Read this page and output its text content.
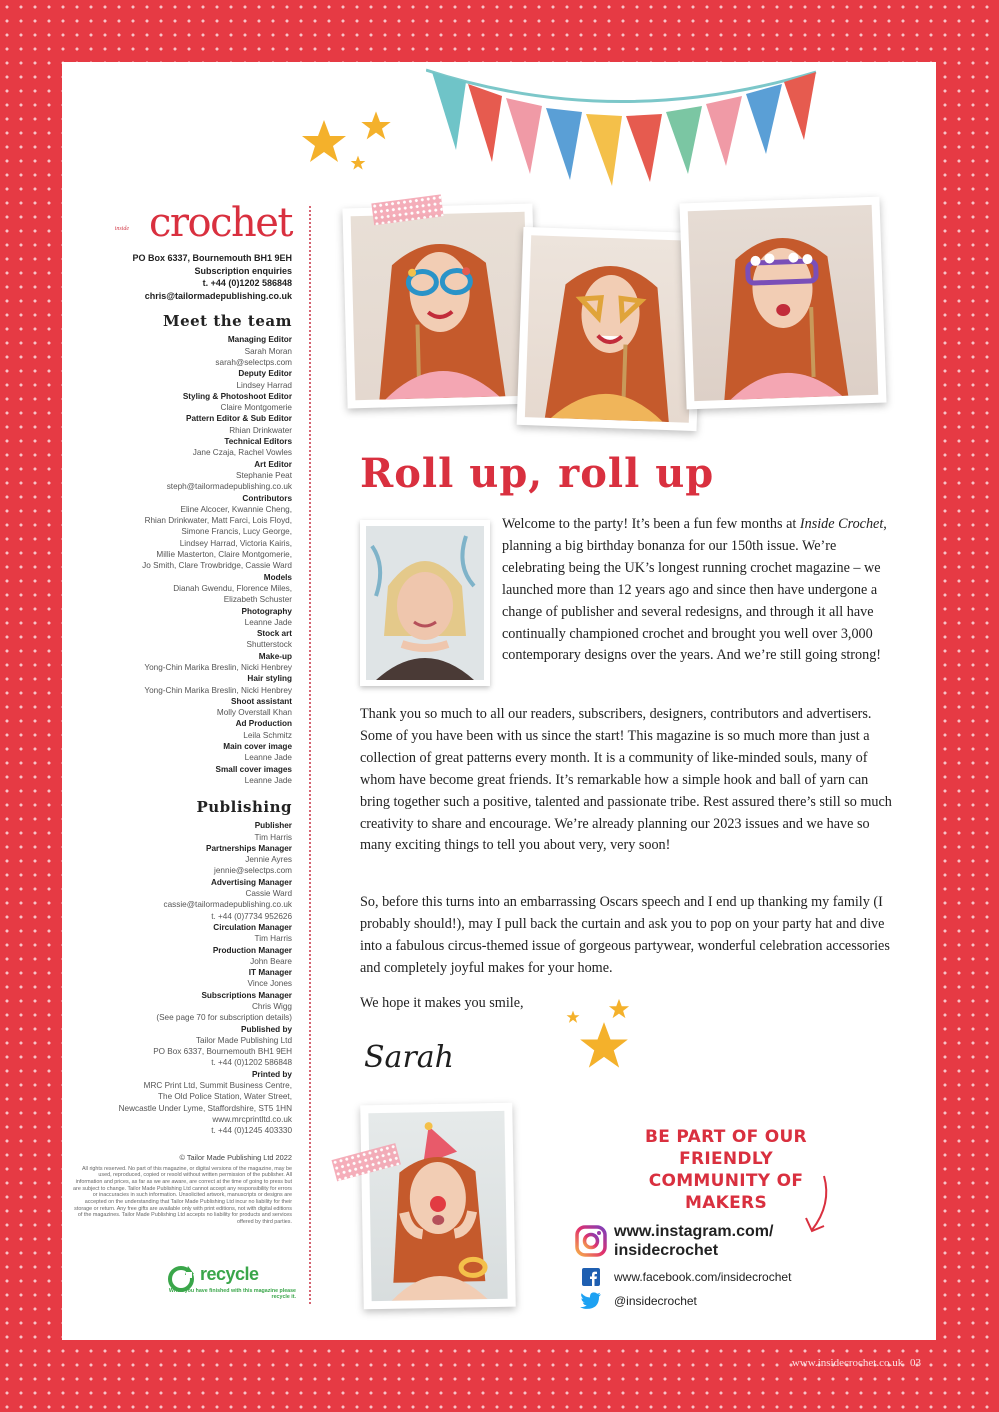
inside crochet
PO Box 6337, Bournemouth BH1 9EH
Subscription enquiries
t. +44 (0)1202 586848
chris@tailormadepublishing.co.uk
Meet the team
Managing Editor
Sarah Moran
sarah@selectps.com
Deputy Editor
Lindsey Harrad
Styling & Photoshoot Editor
Claire Montgomerie
Pattern Editor & Sub Editor
Rhian Drinkwater
Technical Editors
Jane Czaja, Rachel Vowles
Art Editor
Stephanie Peat
steph@tailormadepublishing.co.uk
Contributors
Eline Alcocer, Kwannie Cheng,
Rhian Drinkwater, Matt Farci, Lois Floyd,
Simone Francis, Lucy George,
Lindsey Harrad, Victoria Kairis,
Millie Masterton, Claire Montgomerie,
Jo Smith, Clare Trowbridge, Cassie Ward
Models
Dianah Gwendu, Florence Miles,
Elizabeth Schuster
Photography
Leanne Jade
Stock art
Shutterstock
Make-up
Yong-Chin Marika Breslin, Nicki Henbrey
Hair styling
Yong-Chin Marika Breslin, Nicki Henbrey
Shoot assistant
Molly Overstall Khan
Ad Production
Leila Schmitz
Main cover image
Leanne Jade
Small cover images
Leanne Jade
Publishing
Publisher
Tim Harris
Partnerships Manager
Jennie Ayres
jennie@selectps.com
Advertising Manager
Cassie Ward
cassie@tailormadepublishing.co.uk
t. +44 (0)7734 952626
Circulation Manager
Tim Harris
Production Manager
John Beare
IT Manager
Vince Jones
Subscriptions Manager
Chris Wigg
(See page 70 for subscription details)
Published by
Tailor Made Publishing Ltd
PO Box 6337, Bournemouth BH1 9EH
t. +44 (0)1202 586848
Printed by
MRC Print Ltd, Summit Business Centre,
The Old Police Station, Water Street,
Newcastle Under Lyme, Staffordshire, ST5 1HN
www.mrcprintltd.co.uk
t. +44 (0)1245 403330
© Tailor Made Publishing Ltd 2022
All rights reserved. No part of this magazine, or digital versions of the magazine, may be used, reproduced, copied or resold without written permission of the publisher. All information and prices, as far as we are aware, are correct at the time of going to press but are subject to change. Tailor Made Publishing Ltd cannot accept any responsibility for errors or inaccuracies in such information. Unsolicited artwork, manuscripts or designs are accepted on the understanding that Tailor Made Publishing Ltd incur no liability for their storage or return. Any free gifts are available only with print editions, not with digital editions of the magazines. Tailor Made Publishing Ltd accepts no liability for products and services offered by third parties.
recycle
When you have finished with this magazine please recycle it.
Roll up, roll up
Welcome to the party! It’s been a fun few months at Inside Crochet, planning a big birthday bonanza for our 150th issue. We’re celebrating being the UK’s longest running crochet magazine – we launched more than 12 years ago and since then have undergone a change of publisher and several redesigns, and through it all have continually championed crochet and brought you well over 3,000 contemporary designs over the years. And we’re still going strong!
Thank you so much to all our readers, subscribers, designers, contributors and advertisers. Some of you have been with us since the start! This magazine is so much more than just a collection of great patterns every month. It is a community of like-minded souls, many of whom have become great friends. It’s remarkable how a simple hook and ball of yarn can bring together such a positive, talented and passionate tribe. Rest assured there’s still so much creativity to share and encourage. We’re already planning our 2023 issues and we have so many exciting things to tell you about very, very soon!
So, before this turns into an embarrassing Oscars speech and I end up thanking my family (I probably should!), may I pull back the curtain and ask you to pop on your party hat and dive into a fabulous circus-themed issue of gorgeous partywear, wonderful celebration accessories and completely joyful makes for your home.
We hope it makes you smile,
Sarah
BE PART OF OUR FRIENDLY
COMMUNITY OF MAKERS
www.instagram.com/
insidecrochet
www.facebook.com/insidecrochet
@insidecrochet
www.insidecrochet.co.uk 03
